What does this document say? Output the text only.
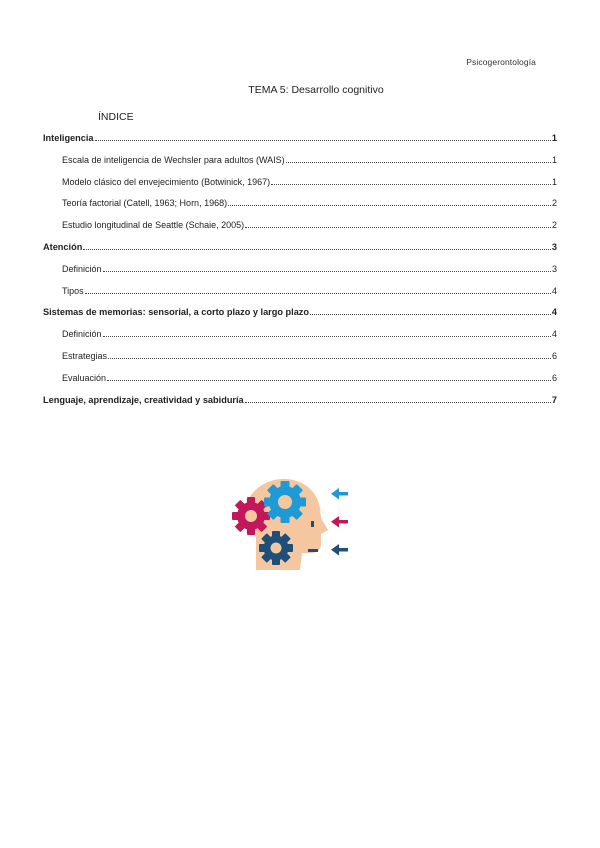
Psicogerontología
TEMA 5: Desarrollo cognitivo
ÍNDICE
Inteligencia	1
Escala de inteligencia de Wechsler para adultos (WAIS)	1
Modelo clásico del envejecimiento (Botwinick, 1967)	1
Teoría factorial (Catell, 1963; Horn, 1968)	2
Estudio longitudinal de Seattle (Schaie, 2005)	2
Atención	3
Definición	3
Tipos	4
Sistemas de memorias: sensorial, a corto plazo y largo plazo	4
Definición	4
Estrategias	6
Evaluación	6
Lenguaje, aprendizaje, creatividad y sabiduría	7
